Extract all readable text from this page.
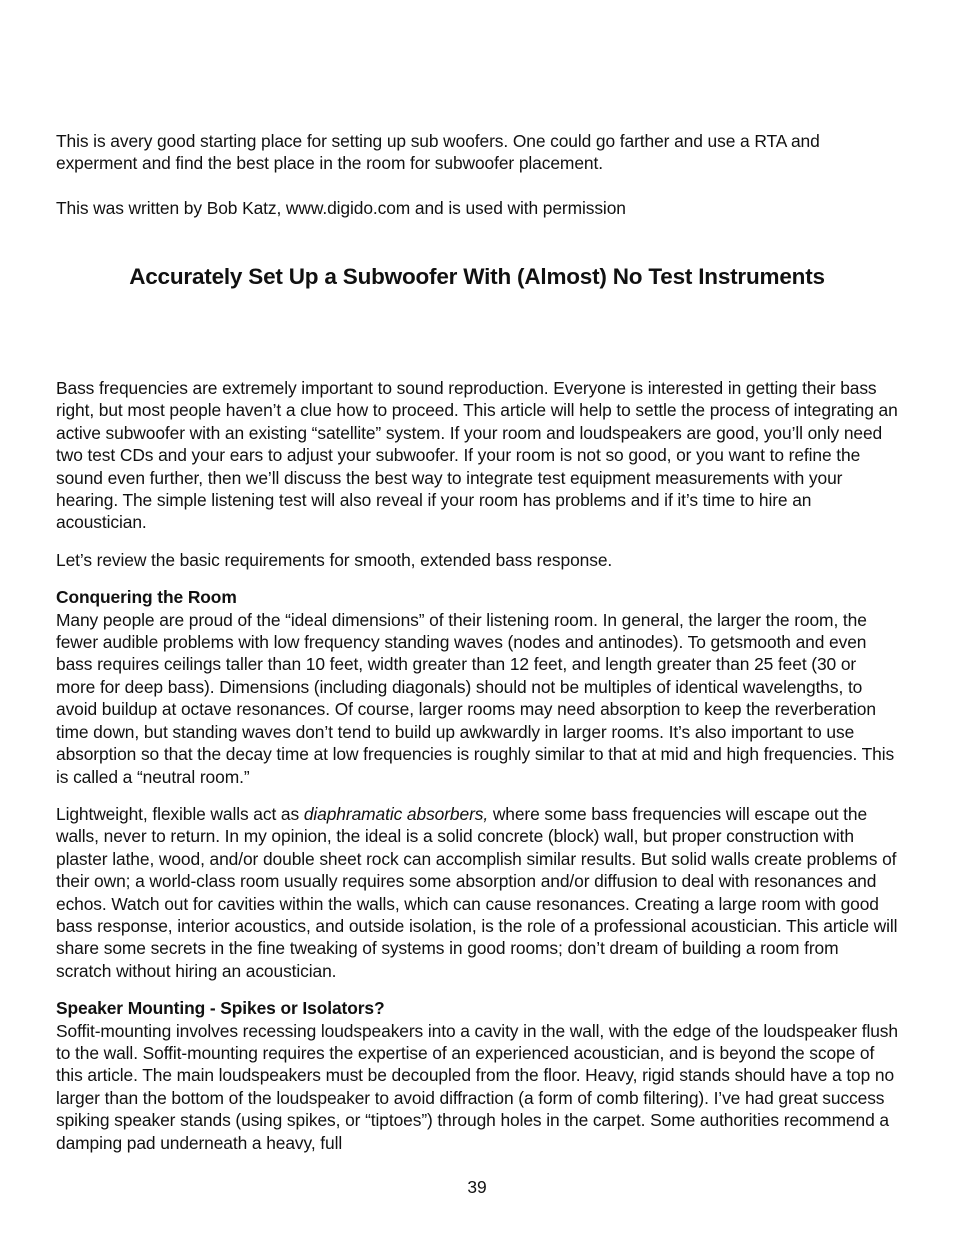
This is avery good starting place for setting up sub woofers. One could go farther and use a RTA and experment and find the best place in the room for subwoofer placement.

This was written by Bob Katz, www.digido.com and is used with permission

Accurately Set Up a Subwoofer With (Almost) No Test Instruments

Bass frequencies are extremely important to sound reproduction. Everyone is interested in getting their bass right, but most people haven’t a clue how to proceed. This article will help to settle the process of integrating an active subwoofer with an existing “satellite” system. If your room and loudspeakers are good, you’ll only need two test CDs and your ears to adjust your subwoofer. If your room is not so good, or you want to refine the sound even further, then we’ll discuss the best way to integrate test equipment measurements with your hearing. The simple listening test will also reveal if your room has problems and if it’s time to hire an acoustician.

Let’s review the basic requirements for smooth, extended bass response.

Conquering the Room
Many people are proud of the “ideal dimensions” of their listening room. In general, the larger the room, the fewer audible problems with low frequency standing waves (nodes and antinodes). To getsmooth and even bass requires ceilings taller than 10 feet, width greater than 12 feet, and length greater than 25 feet (30 or more for deep bass). Dimensions (including diagonals) should not be multiples of identical wavelengths, to avoid buildup at octave resonances. Of course, larger rooms may need absorption to keep the reverberation time down, but standing waves don’t tend to build up awkwardly in larger rooms. It’s also important to use absorption so that the decay time at low frequencies is roughly similar to that at mid and high frequencies. This is called a “neutral room.”

Lightweight, flexible walls act as diaphramatic absorbers, where some bass frequencies will escape out the walls, never to return. In my opinion, the ideal is a solid concrete (block) wall, but proper construction with plaster lathe, wood, and/or double sheet rock can accomplish similar results. But solid walls create problems of their own; a world-class room usually requires some absorption and/or diffusion to deal with resonances and echos. Watch out for cavities within the walls, which can cause resonances. Creating a large room with good bass response, interior acoustics, and outside isolation, is the role of a professional acoustician. This article will share some secrets in the fine tweaking of systems in good rooms; don’t dream of building a room from scratch without hiring an acoustician.

Speaker Mounting - Spikes or Isolators?
Soffit-mounting involves recessing loudspeakers into a cavity in the wall, with the edge of the loudspeaker flush to the wall. Soffit-mounting requires the expertise of an experienced acoustician, and is beyond the scope of this article. The main loudspeakers must be decoupled from the floor. Heavy, rigid stands should have a top no larger than the bottom of the loudspeaker to avoid diffraction (a form of comb filtering). I’ve had great success spiking speaker stands (using spikes, or “tiptoes”) through holes in the carpet. Some authorities recommend a damping pad underneath a heavy, full

39
